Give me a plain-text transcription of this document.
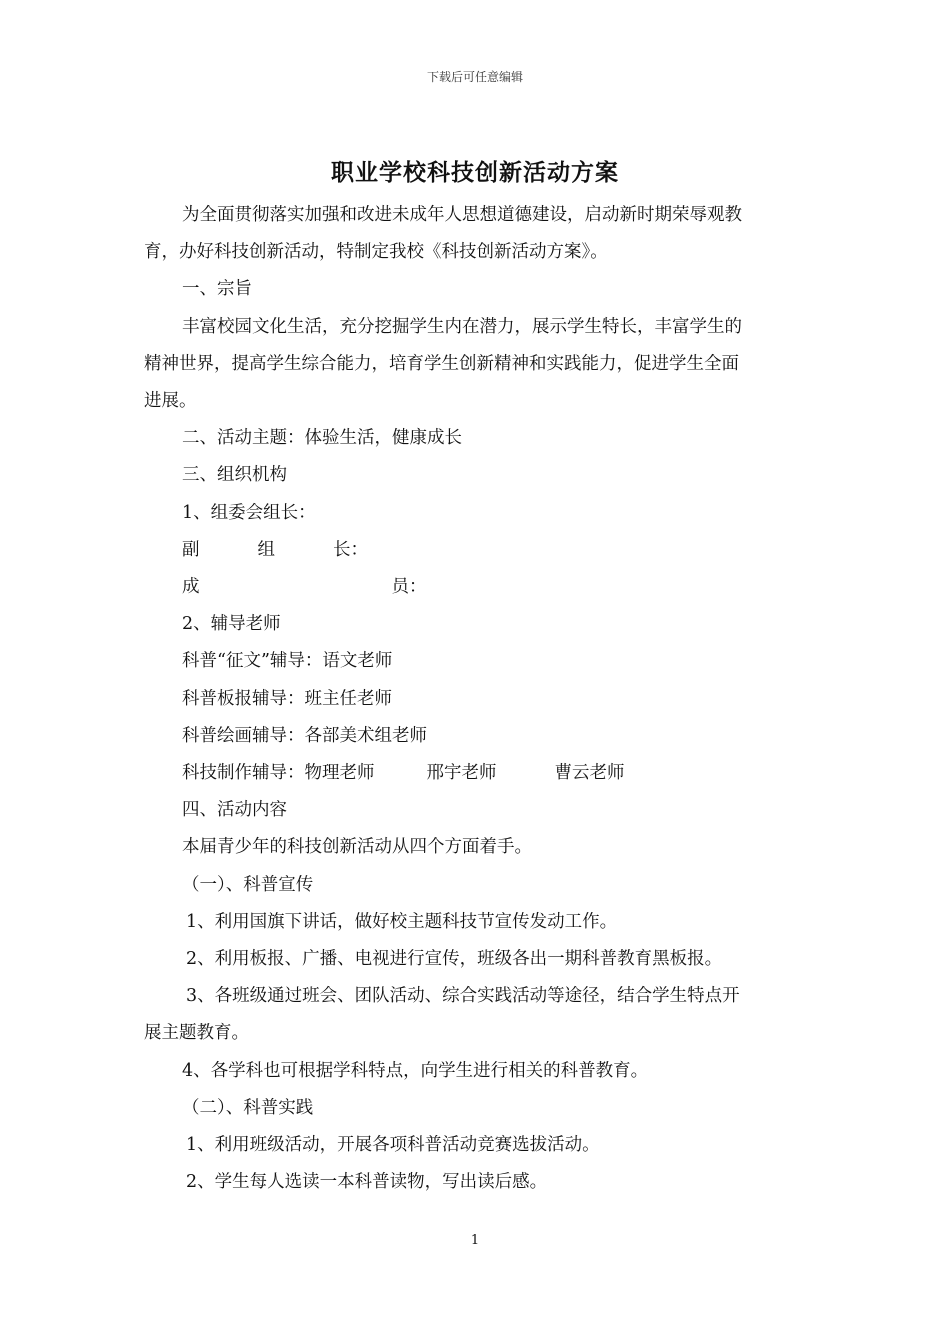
下载后可任意编辑
职业学校科技创新活动方案

为全面贯彻落实加强和改进未成年人思想道德建设，启动新时期荣辱观教

育，办好科技创新活动，特制定我校《科技创新活动方案》。

一、宗旨

丰富校园文化生活，充分挖掘学生内在潜力，展示学生特长，丰富学生的

精神世界，提高学生综合能力，培育学生创新精神和实践能力，促进学生全面

进展。

二、活动主题：体验生活，健康成长

三、组织机构

1、组委会组长：

副	组	长：
成	员：

2、辅导老师

科普“征文”辅导：语文老师

科普板报辅导：班主任老师

科普绘画辅导：各部美术组老师

科技制作辅导：物理老师	邢宇老师	曹云老师

四、活动内容

本届青少年的科技创新活动从四个方面着手。

（一）、科普宣传

1、利用国旗下讲话，做好校主题科技节宣传发动工作。

2、利用板报、广播、电视进行宣传，班级各出一期科普教育黑板报。

3、各班级通过班会、团队活动、综合实践活动等途径，结合学生特点开

展主题教育。

4、各学科也可根据学科特点，向学生进行相关的科普教育。

（二）、科普实践

1、利用班级活动，开展各项科普活动竞赛选拔活动。

2、学生每人选读一本科普读物，写出读后感。

1
